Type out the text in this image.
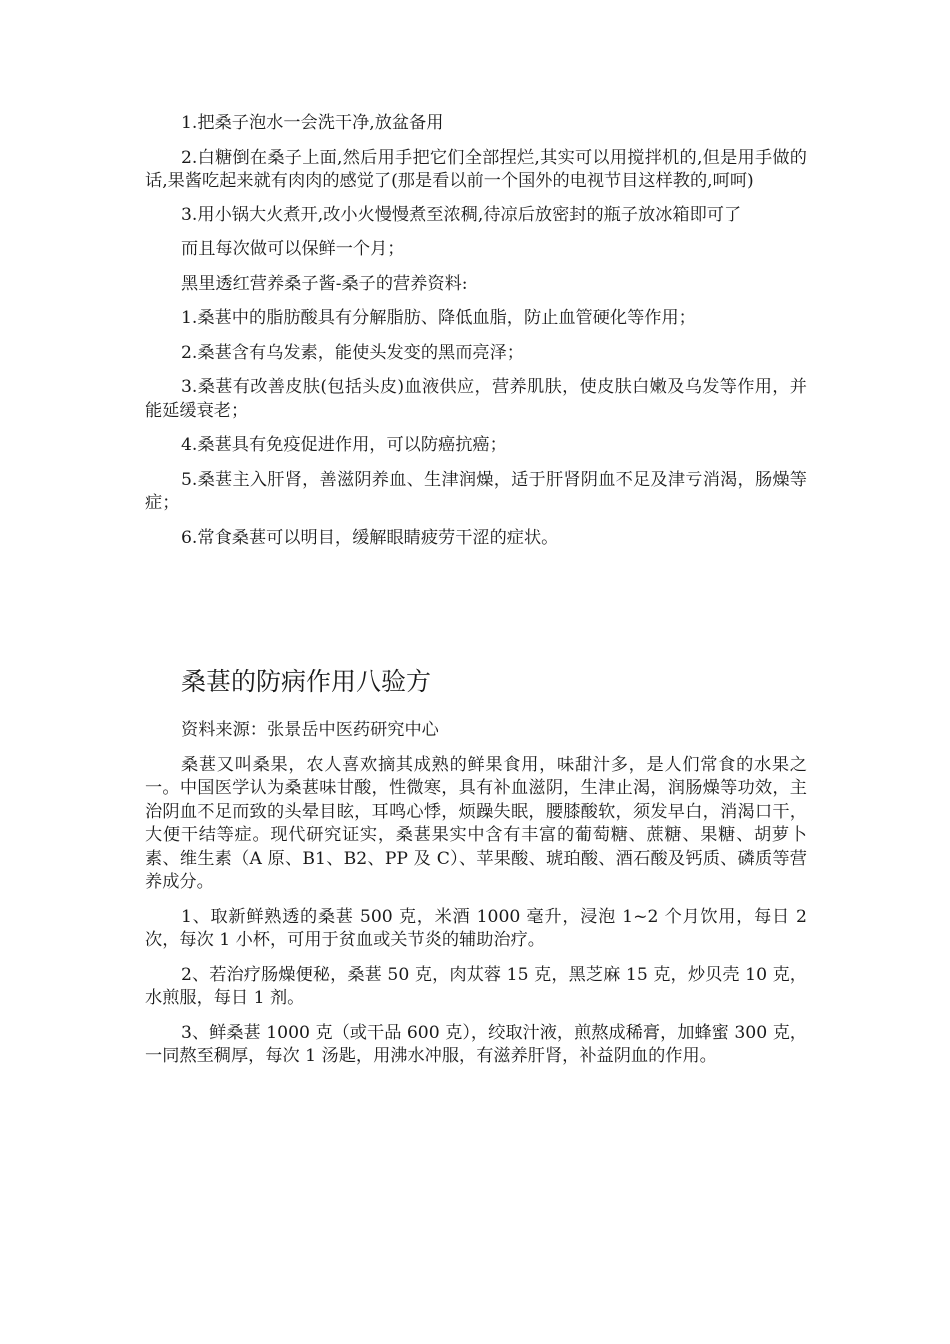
1.把桑子泡水一会洗干净,放盆备用

2.白糖倒在桑子上面,然后用手把它们全部捏烂,其实可以用搅拌机的,但是用手做的话,果酱吃起来就有肉肉的感觉了(那是看以前一个国外的电视节目这样教的,呵呵)

3.用小锅大火煮开,改小火慢慢煮至浓稠,待凉后放密封的瓶子放冰箱即可了

而且每次做可以保鲜一个月；

黑里透红营养桑子酱-桑子的营养资料:

1.桑葚中的脂肪酸具有分解脂肪、降低血脂，防止血管硬化等作用；

2.桑葚含有乌发素，能使头发变的黑而亮泽；

3.桑葚有改善皮肤(包括头皮)血液供应，营养肌肤，使皮肤白嫩及乌发等作用，并能延缓衰老；

4.桑葚具有免疫促进作用，可以防癌抗癌；

5.桑葚主入肝肾，善滋阴养血、生津润燥，适于肝肾阴血不足及津亏消渴，肠燥等症；

6.常食桑葚可以明目，缓解眼睛疲劳干涩的症状。

桑葚的防病作用八验方

资料来源：张景岳中医药研究中心

桑葚又叫桑果，农人喜欢摘其成熟的鲜果食用，味甜汁多，是人们常食的水果之一。中国医学认为桑葚味甘酸，性微寒，具有补血滋阴，生津止渴，润肠燥等功效，主治阴血不足而致的头晕目眩，耳鸣心悸，烦躁失眠，腰膝酸软，须发早白，消渴口干，大便干结等症。现代研究证实，桑葚果实中含有丰富的葡萄糖、蔗糖、果糖、胡萝卜素、维生素（A 原、B1、B2、PP 及 C）、苹果酸、琥珀酸、酒石酸及钙质、磷质等营养成分。

1、取新鲜熟透的桑葚 500 克，米酒 1000 毫升，浸泡 1~2 个月饮用，每日 2 次，每次 1 小杯，可用于贫血或关节炎的辅助治疗。

2、若治疗肠燥便秘，桑葚 50 克，肉苁蓉 15 克，黑芝麻 15 克，炒贝壳 10 克，水煎服，每日 1 剂。

3、鲜桑葚 1000 克（或干品 600 克），绞取汁液，煎熬成稀膏，加蜂蜜 300 克，一同熬至稠厚，每次 1 汤匙，用沸水冲服，有滋养肝肾，补益阴血的作用。
